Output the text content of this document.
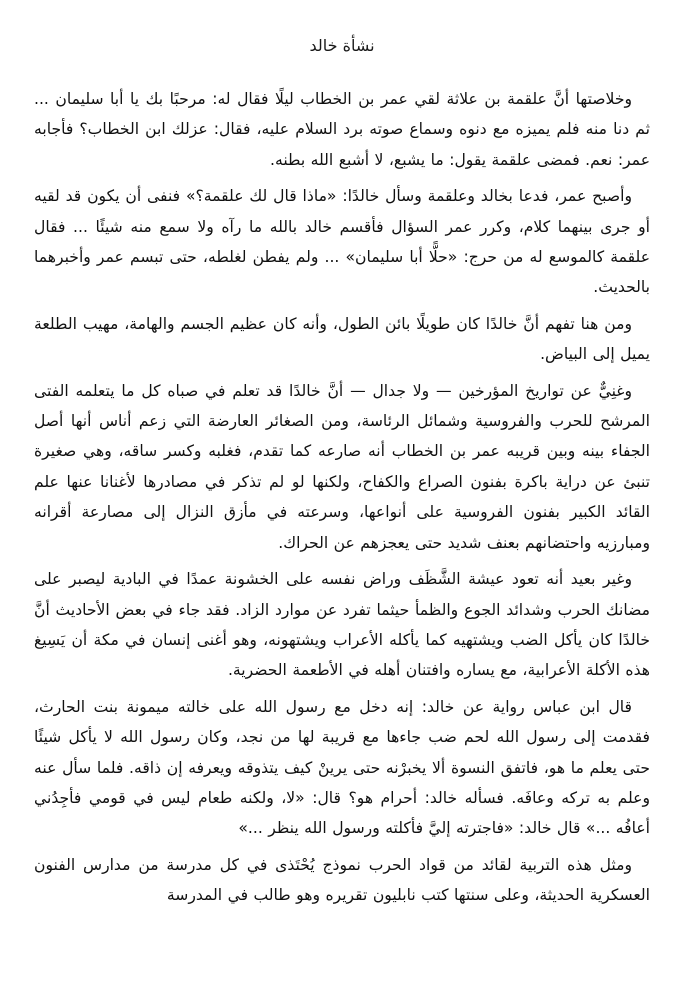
نشأة خالد

وخلاصتها أنَّ علقمة بن علاثة لقي عمر بن الخطاب ليلًا فقال له: مرحبًا بك يا أبا سليمان ... ثم دنا منه فلم يميزه مع دنوه وسماع صوته برد السلام عليه، فقال: عزلك ابن الخطاب؟ فأجابه عمر: نعم. فمضى علقمة يقول: ما يشبع، لا أشبع الله بطنه.

وأصبح عمر، فدعا بخالد وعلقمة وسأل خالدًا: «ماذا قال لك علقمة؟» فنفى أن يكون قد لقيه أو جرى بينهما كلام، وكرر عمر السؤال فأقسم خالد بالله ما رآه ولا سمع منه شيئًا ... فقال علقمة كالموسع له من حرج: «حلًّا أبا سليمان» ... ولم يفطن لغلطه، حتى تبسم عمر وأخبرهما بالحديث.

ومن هنا تفهم أنَّ خالدًا كان طويلًا بائن الطول، وأنه كان عظيم الجسم والهامة، مهيب الطلعة يميل إلى البياض.

وغنِيٌّ عن تواريخ المؤرخين — ولا جدال — أنَّ خالدًا قد تعلم في صباه كل ما يتعلمه الفتى المرشح للحرب والفروسية وشمائل الرئاسة، ومن الصغائر العارضة التي زعم أناس أنها أصل الجفاء بينه وبين قريبه عمر بن الخطاب أنه صارعه كما تقدم، فغلبه وكسر ساقه، وهي صغيرة تنبئ عن دراية باكرة بفنون الصراع والكفاح، ولكنها لو لم تذكر في مصادرها لأغنانا عنها علم القائد الكبير بفنون الفروسية على أنواعها، وسرعته في مأزق النزال إلى مصارعة أقرانه ومبارزيه واحتضانهم بعنف شديد حتى يعجزهم عن الحراك.

وغير بعيد أنه تعود عيشة الشَّظَف وراض نفسه على الخشونة عمدًا في البادية ليصبر على مضانك الحرب وشدائد الجوع والظمأ حيثما تفرد عن موارد الزاد. فقد جاء في بعض الأحاديث أنَّ خالدًا كان يأكل الضب ويشتهيه كما يأكله الأعراب ويشتهونه، وهو أغنى إنسان في مكة أن يَسِيغ هذه الأكلة الأعرابية، مع يساره وافتنان أهله في الأطعمة الحضرية.

قال ابن عباس رواية عن خالد: إنه دخل مع رسول الله على خالته ميمونة بنت الحارث، فقدمت إلى رسول الله لحم ضب جاءها مع قريبة لها من نجد، وكان رسول الله لا يأكل شيئًا حتى يعلم ما هو، فاتفق النسوة ألا يخبرْنه حتى يرينْ كيف يتذوقه ويعرفه إن ذاقه. فلما سأل عنه وعلم به تركه وعافَه. فسأله خالد: أحرام هو؟ قال: «لا، ولكنه طعام ليس في قومي فأجِدُني أعافُه ...» قال خالد: «فاجترته إليَّ فأكلته ورسول الله ينظر ...»

ومثل هذه التربية لقائد من قواد الحرب نموذج يُحْتَذى في كل مدرسة من مدارس الفنون العسكرية الحديثة، وعلى سنتها كتب نابليون تقريره وهو طالب في المدرسة
